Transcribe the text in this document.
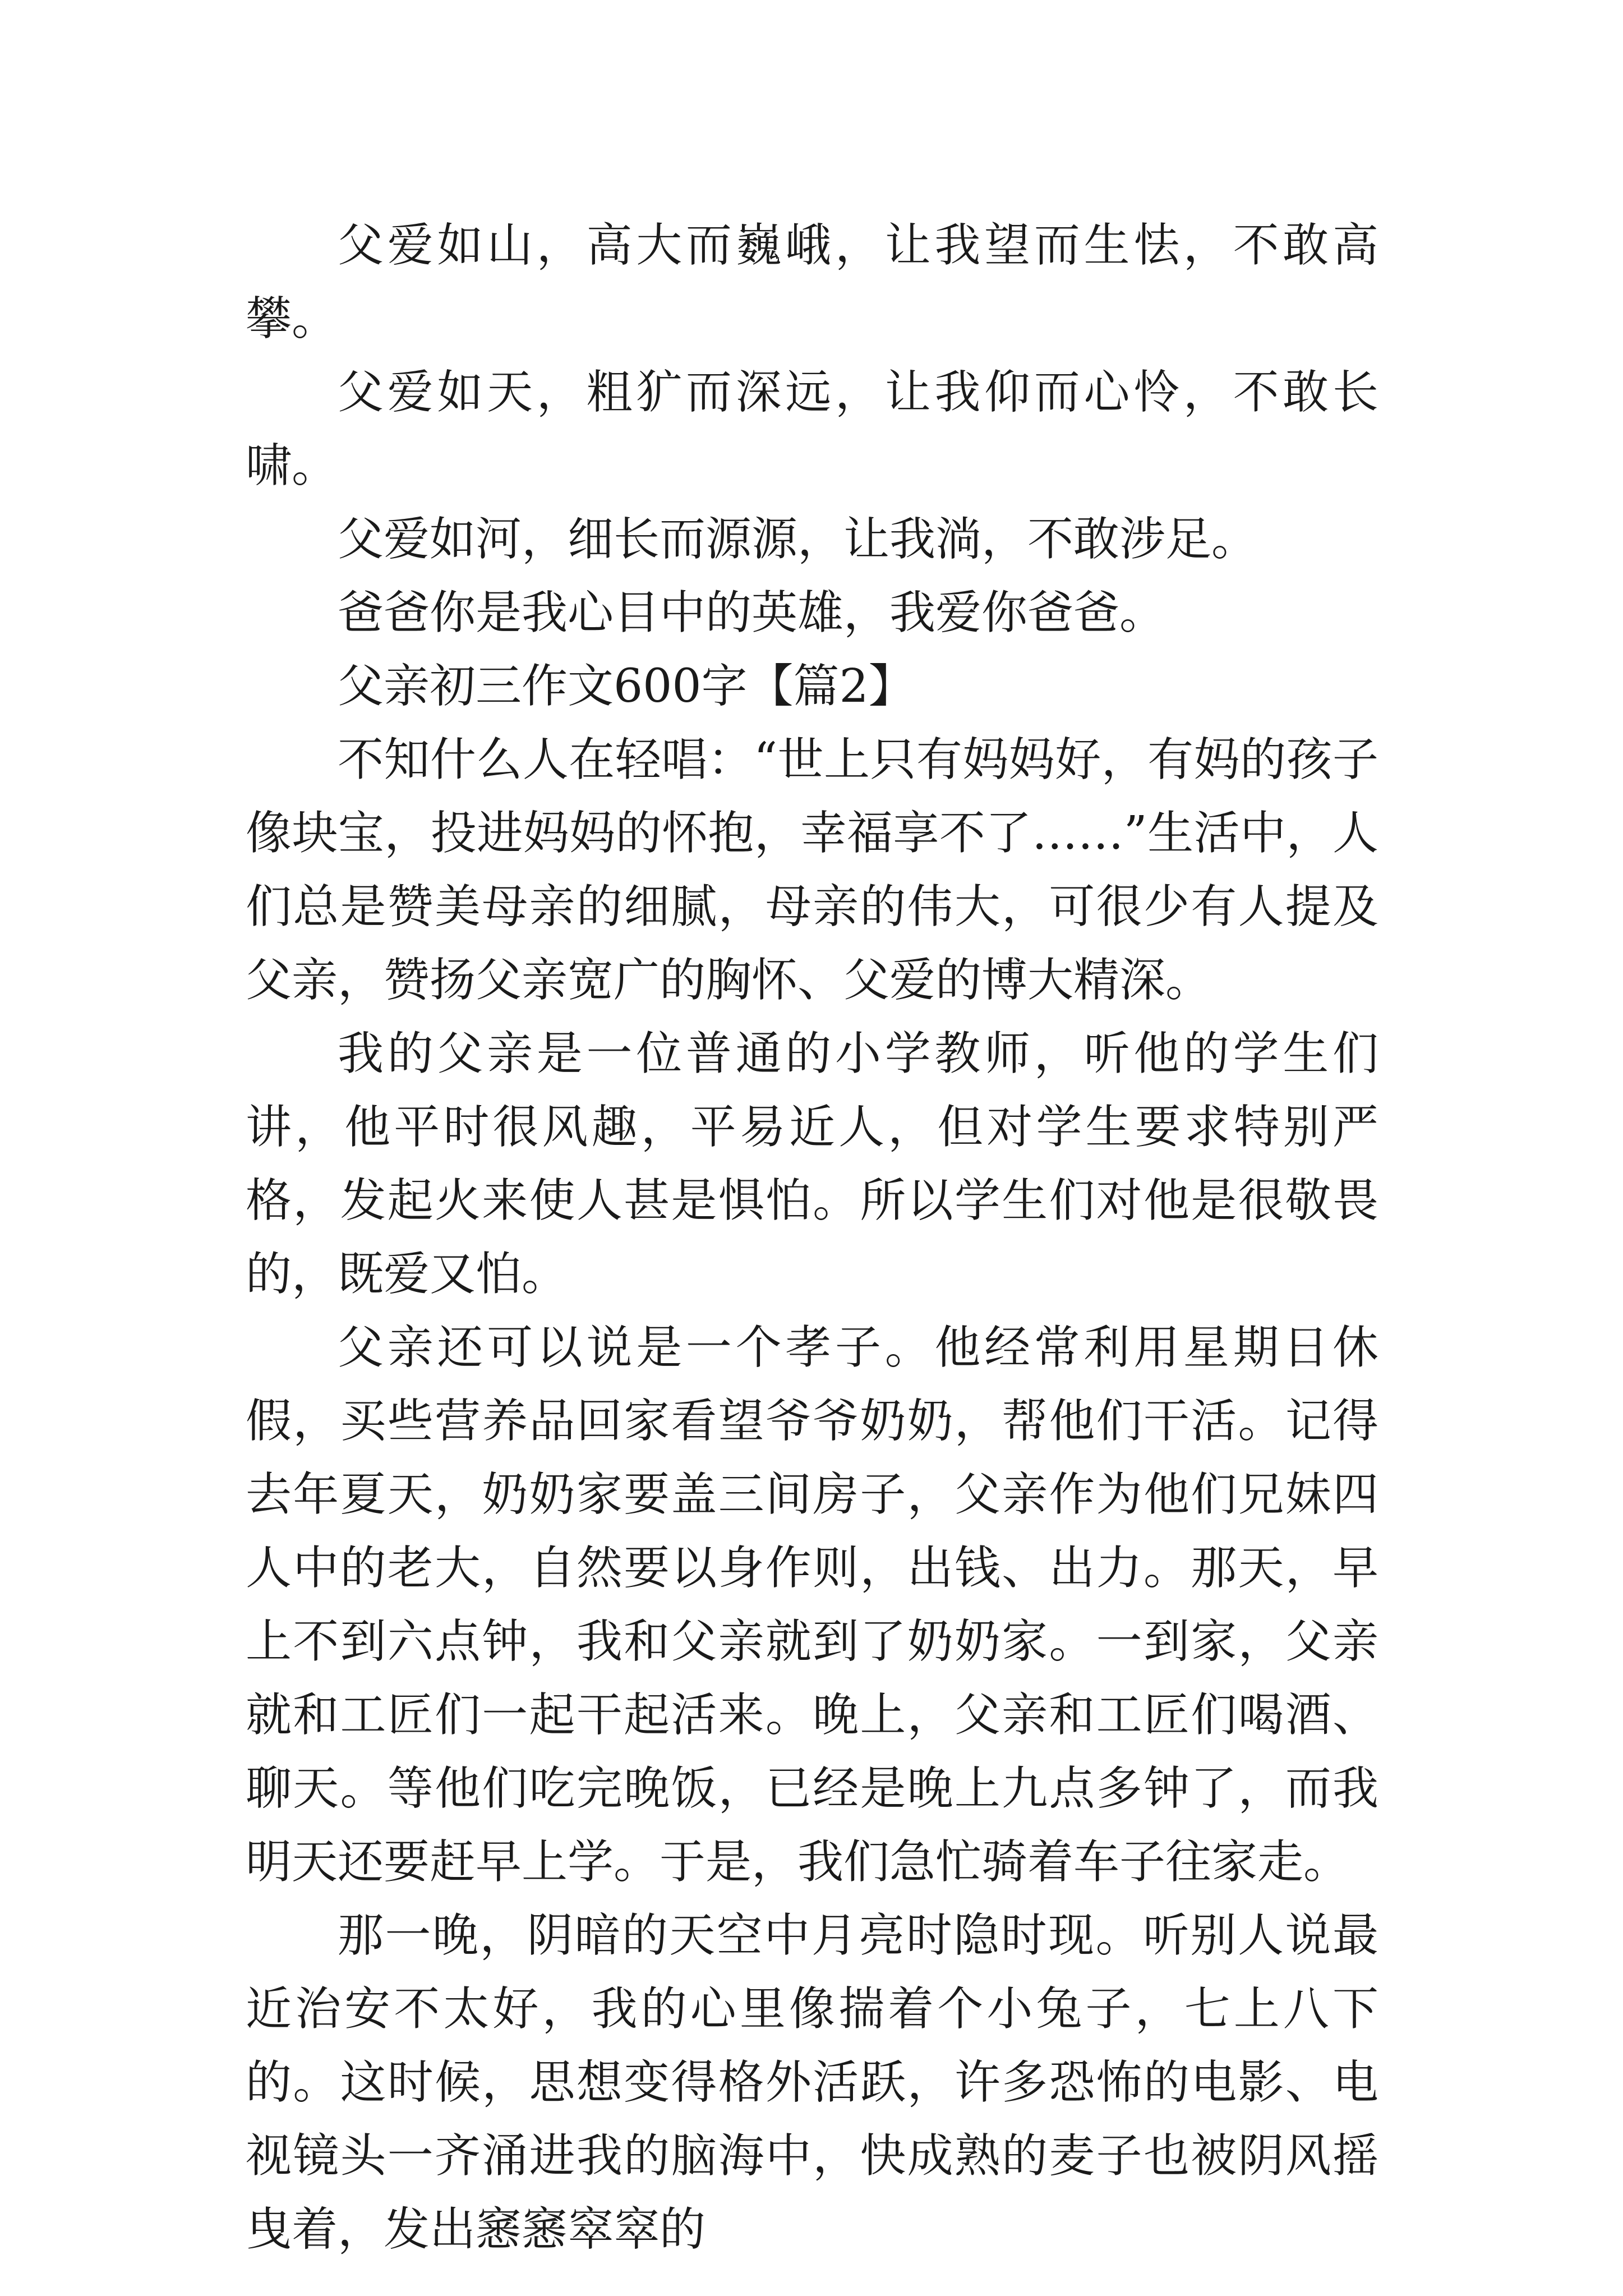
父爱如山，高大而巍峨，让我望而生怯，不敢高攀。

父爱如天，粗犷而深远，让我仰而心怜，不敢长啸。

父爱如河，细长而源源，让我淌，不敢涉足。

爸爸你是我心目中的英雄，我爱你爸爸。

父亲初三作文600字【篇2】

不知什么人在轻唱：“世上只有妈妈好，有妈的孩子像块宝，投进妈妈的怀抱，幸福享不了……”生活中，人们总是赞美母亲的细腻，母亲的伟大，可很少有人提及父亲，赞扬父亲宽广的胸怀、父爱的博大精深。

我的父亲是一位普通的小学教师，听他的学生们讲，他平时很风趣，平易近人，但对学生要求特别严格，发起火来使人甚是惧怕。所以学生们对他是很敬畏的，既爱又怕。

父亲还可以说是一个孝子。他经常利用星期日休假，买些营养品回家看望爷爷奶奶，帮他们干活。记得去年夏天，奶奶家要盖三间房子，父亲作为他们兄妹四人中的老大，自然要以身作则，出钱、出力。那天，早上不到六点钟，我和父亲就到了奶奶家。一到家，父亲就和工匠们一起干起活来。晚上，父亲和工匠们喝酒、聊天。等他们吃完晚饭，已经是晚上九点多钟了，而我明天还要赶早上学。于是，我们急忙骑着车子往家走。

那一晚，阴暗的天空中月亮时隐时现。听别人说最近治安不太好，我的心里像揣着个小兔子，七上八下的。这时候，思想变得格外活跃，许多恐怖的电影、电视镜头一齐涌进我的脑海中，快成熟的麦子也被阴风摇曳着，发出窸窸窣窣的
